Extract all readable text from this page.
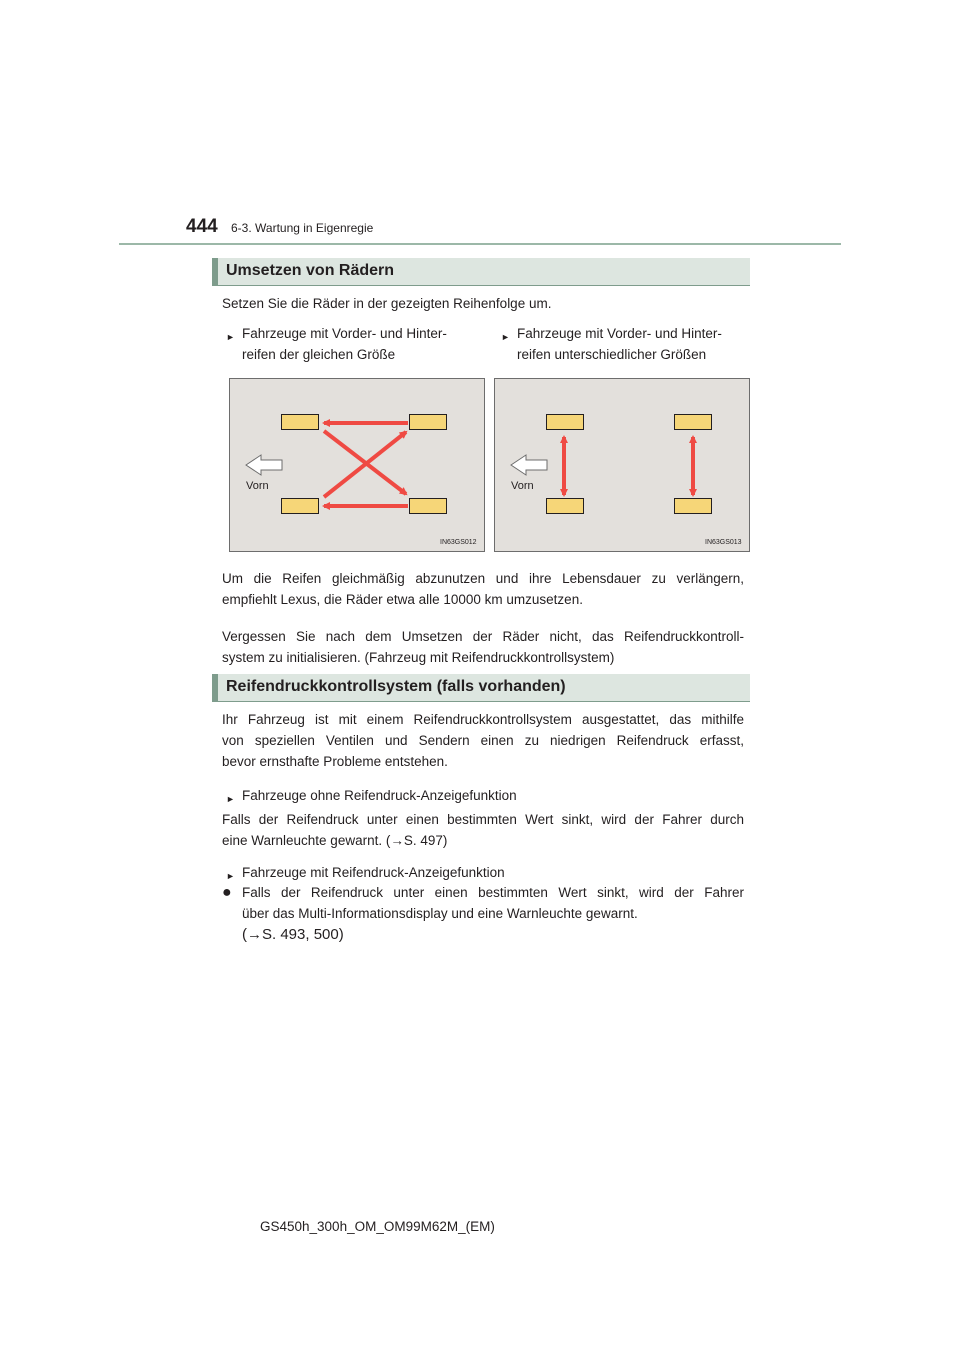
444 6-3. Wartung in Eigenregie
Umsetzen von Rädern
Setzen Sie die Räder in der gezeigten Reihenfolge um.
► Fahrzeuge mit Vorder- und Hinter-
reifen der gleichen Größe
► Fahrzeuge mit Vorder- und Hinter-
reifen unterschiedlicher Größen
Vorn
IN63GS012
Vorn
IN63GS013
Um die Reifen gleichmäßig abzunutzen und ihre Lebensdauer zu verlängern,
empfiehlt Lexus, die Räder etwa alle 10000 km umzusetzen.
Vergessen Sie nach dem Umsetzen der Räder nicht, das Reifendruckkontroll-
system zu initialisieren. (Fahrzeug mit Reifendruckkontrollsystem)
Reifendruckkontrollsystem (falls vorhanden)
Ihr Fahrzeug ist mit einem Reifendruckkontrollsystem ausgestattet, das mithilfe
von speziellen Ventilen und Sendern einen zu niedrigen Reifendruck erfasst,
bevor ernsthafte Probleme entstehen.
► Fahrzeuge ohne Reifendruck-Anzeigefunktion
Falls der Reifendruck unter einen bestimmten Wert sinkt, wird der Fahrer durch
eine Warnleuchte gewarnt. (→S. 497)
► Fahrzeuge mit Reifendruck-Anzeigefunktion
● Falls der Reifendruck unter einen bestimmten Wert sinkt, wird der Fahrer
über das Multi-Informationsdisplay und eine Warnleuchte gewarnt.
(→S. 493, 500)
GS450h_300h_OM_OM99M62M_(EM)
